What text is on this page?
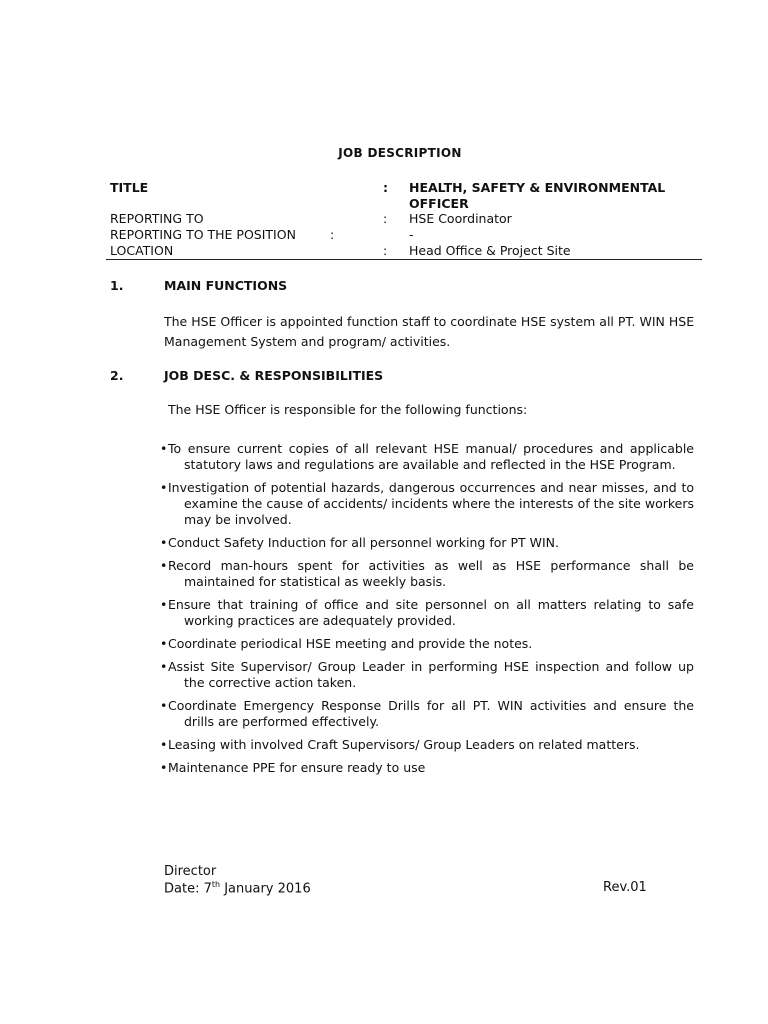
JOB DESCRIPTION
TITLE	: HEALTH, SAFETY & ENVIRONMENTAL
OFFICER
REPORTING TO	: HSE Coordinator
REPORTING TO THE POSITION	:	-
LOCATION	: Head Office & Project Site
1.	MAIN FUNCTIONS
The HSE Officer is appointed function staff to coordinate HSE system all PT. WIN HSE Management System and program/ activities.
2.	JOB DESC. & RESPONSIBILITIES
The HSE Officer is responsible for the following functions:
•To ensure current copies of all relevant HSE manual/ procedures and applicable statutory laws and regulations are available and reflected in the HSE Program.
•Investigation of potential hazards, dangerous occurrences and near misses, and to examine the cause of accidents/ incidents where the interests of the site workers may be involved.
•Conduct Safety Induction for all personnel working for PT WIN.
•Record man-hours spent for activities as well as HSE performance shall be maintained for statistical as weekly basis.
•Ensure that training of office and site personnel on all matters relating to safe working practices are adequately provided.
•Coordinate periodical HSE meeting and provide the notes.
•Assist Site Supervisor/ Group Leader in performing HSE inspection and follow up the corrective action taken.
•Coordinate Emergency Response Drills for all PT. WIN activities and ensure the drills are performed effectively.
•Leasing with involved Craft Supervisors/ Group Leaders on related matters.
•Maintenance PPE for ensure ready to use
Director
Date: 7th January 2016	Rev.01
